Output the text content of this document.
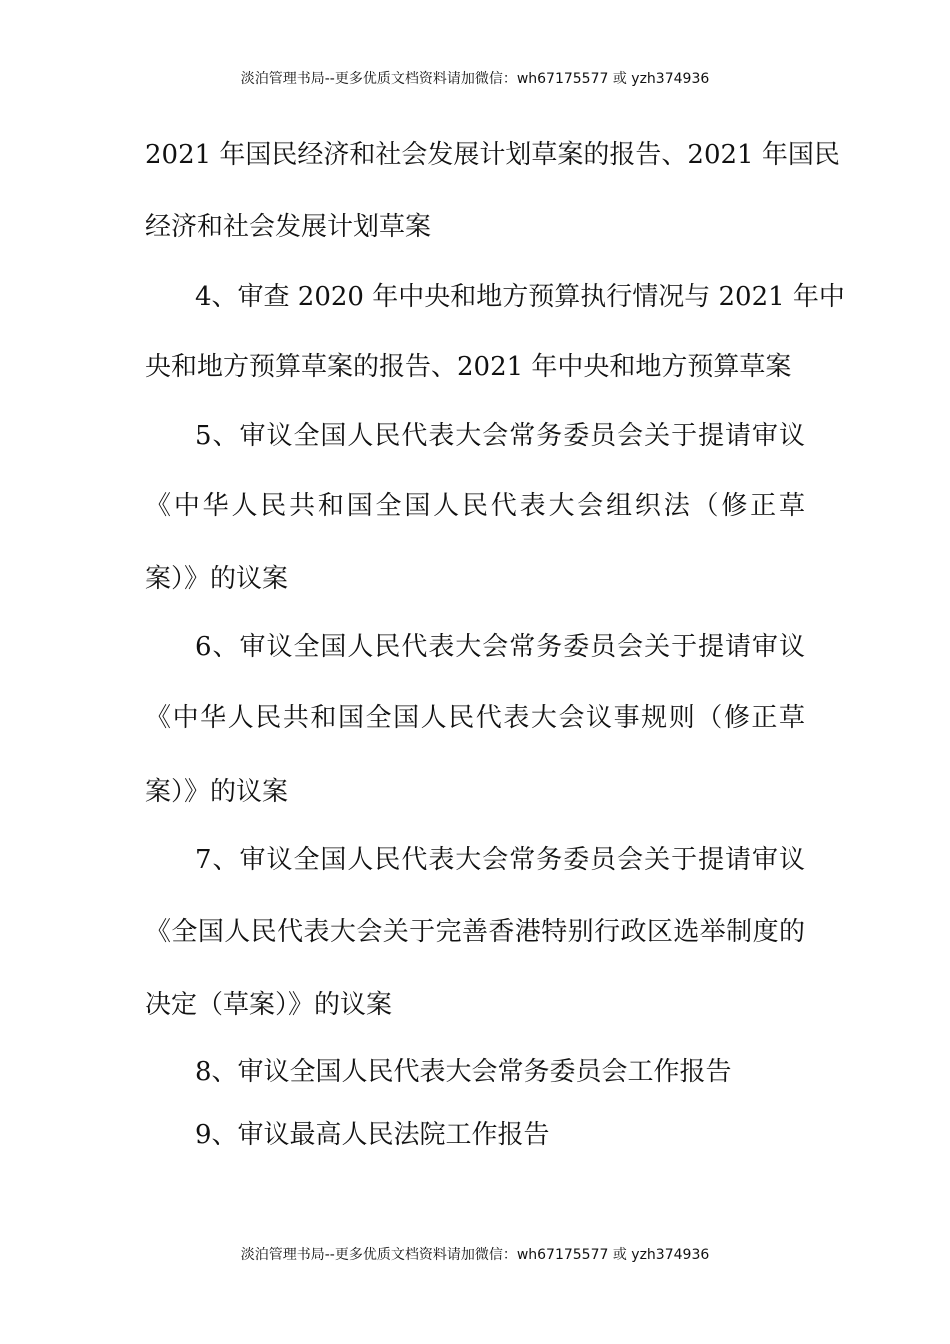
淡泊管理书局--更多优质文档资料请加微信：wh67175577 或 yzh374936
2021 年国民经济和社会发展计划草案的报告、2021 年国民
经济和社会发展计划草案
4、审查 2020 年中央和地方预算执行情况与 2021 年中
央和地方预算草案的报告、2021 年中央和地方预算草案
5、审议全国人民代表大会常务委员会关于提请审议
《中华人民共和国全国人民代表大会组织法（修正草
案）》的议案
6、审议全国人民代表大会常务委员会关于提请审议
《中华人民共和国全国人民代表大会议事规则（修正草
案）》的议案
7、审议全国人民代表大会常务委员会关于提请审议
《全国人民代表大会关于完善香港特别行政区选举制度的
决定（草案）》的议案
8、审议全国人民代表大会常务委员会工作报告
9、审议最高人民法院工作报告
淡泊管理书局--更多优质文档资料请加微信：wh67175577 或 yzh374936
